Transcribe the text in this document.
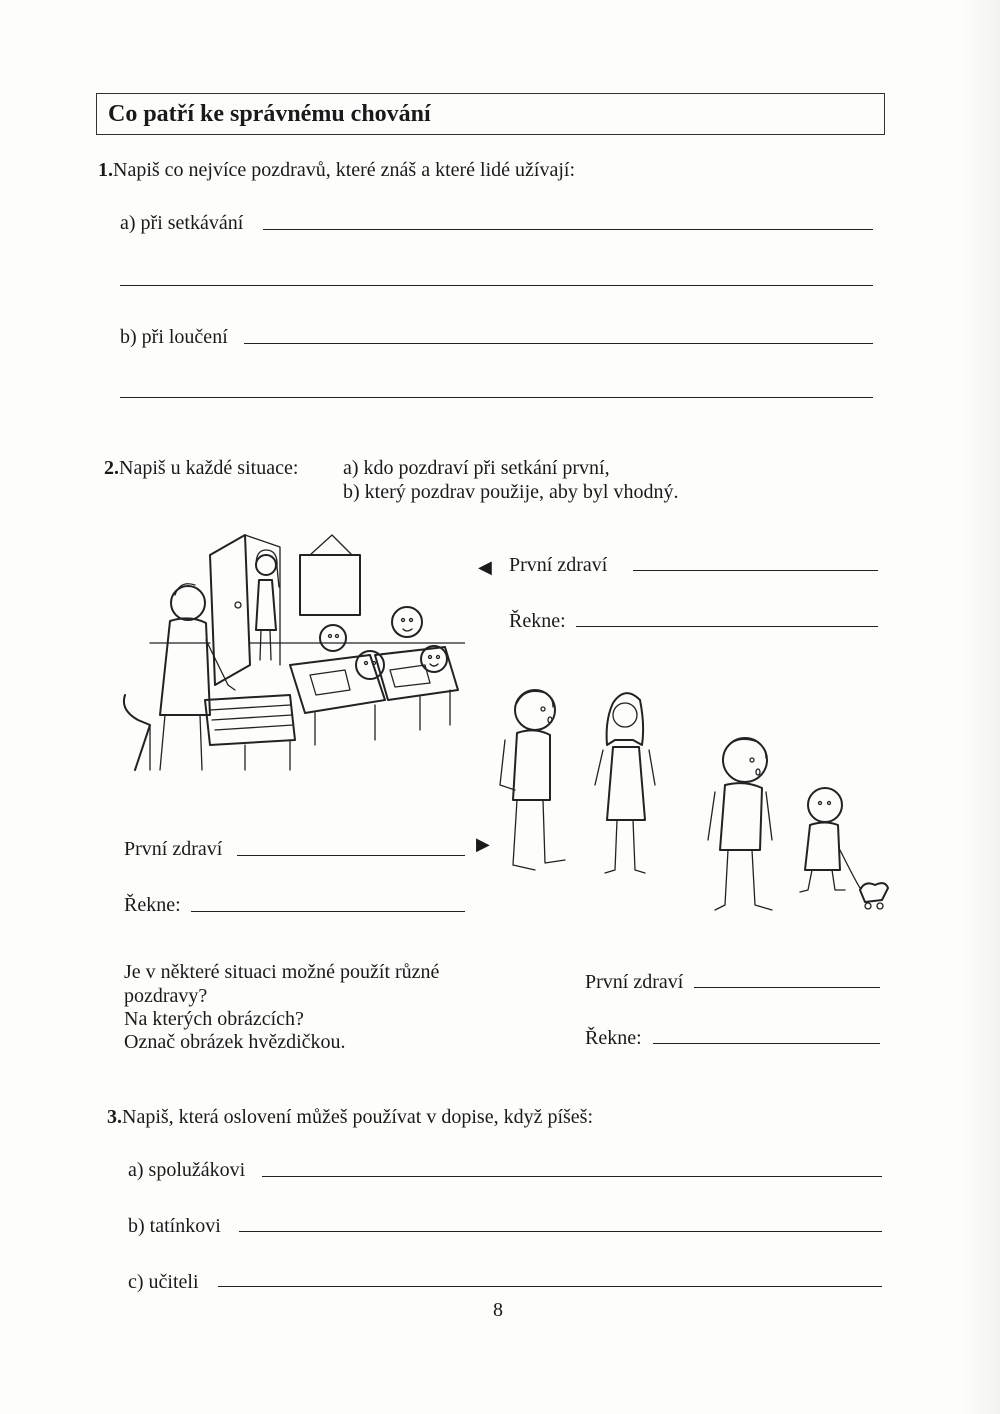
Co patří ke správnému chování
1.Napiš co nejvíce pozdravů, které znáš a které lidé užívají:
a) při setkávání
b) při loučení
2.Napiš u každé situace: a) kdo pozdraví při setkání první,
b) který pozdrav použije, aby byl vhodný.
◀ První zdraví
Řekne:
První zdraví	▶
Řekne:
Je v některé situaci možné použít různé
pozdravy?
Na kterých obrázcích?
Označ obrázek hvězdičkou.
První zdraví
Řekne:
3.Napiš, která oslovení můžeš používat v dopise, když píšeš:
a) spolužákovi
b) tatínkovi
c) učiteli
8
